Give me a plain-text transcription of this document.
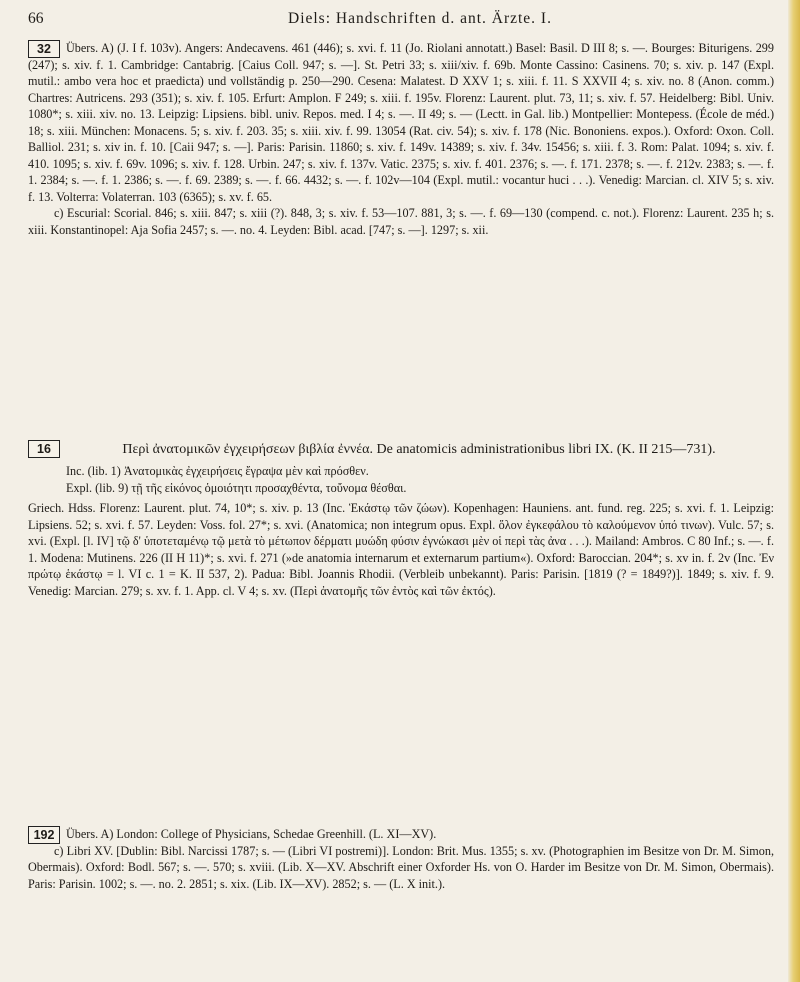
66	Diels: Handschriften d. ant. Ärzte. I.
32	Übers. A) (J. I f. 103v). Angers: Andecavens. 461 (446); s. xvi. f. 11 (Jo. Riolani annotatt.) Basel: Basil. D III 8; s. —. Bourges: Biturigens. 299 (247); s. xiv. f. 1. Cambridge: Cantabrig. [Caius Coll. 947; s. —]. St. Petri 33; s. xiii/xiv. f. 69b. Monte Cassino: Casinens. 70; s. xiv. p. 147 (Expl. mutil.: ambo vera hoc et praedicta) und vollständig p. 250—290. Cesena: Malatest. D XXV 1; s. xiii. f. 11. S XXVII 4; s. xiv. no. 8 (Anon. comm.) Chartres: Autricens. 293 (351); s. xiv. f. 105. Erfurt: Amplon. F 249; s. xiii. f. 195v. Florenz: Laurent. plut. 73, 11; s. xiv. f. 57. Heidelberg: Bibl. Univ. 1080*; s. xiii. xiv. no. 13. Leipzig: Lipsiens. bibl. univ. Repos. med. I 4; s. —. II 49; s. — (Lectt. in Gal. lib.) Montpellier: Montepess. (École de méd.) 18; s. xiii. München: Monacens. 5; s. xiv. f. 203. 35; s. xiii. xiv. f. 99. 13054 (Rat. civ. 54); s. xiv. f. 178 (Nic. Bononiens. expos.). Oxford: Oxon. Coll. Balliol. 231; s. xiv in. f. 10. [Caii 947; s. —]. Paris: Parisin. 11860; s. xiv. f. 149v. 14389; s. xiv. f. 34v. 15456; s. xiii. f. 3. Rom: Palat. 1094; s. xiv. f. 410. 1095; s. xiv. f. 69v. 1096; s. xiv. f. 128. Urbin. 247; s. xiv. f. 137v. Vatic. 2375; s. xiv. f. 401. 2376; s. —. f. 171. 2378; s. —. f. 212v. 2383; s. —. f. 1. 2384; s. —. f. 1. 2386; s. —. f. 69. 2389; s. —. f. 66. 4432; s. —. f. 102v—104 (Expl. mutil.: vocantur huci . . .). Venedig: Marcian. cl. XIV 5; s. xiv. f. 13. Volterra: Volaterran. 103 (6365); s. xv. f. 65.

c) Escurial: Scorial. 846; s. xiii. 847; s. xiii (?). 848, 3; s. xiv. f. 53—107. 881, 3; s. —. f. 69—130 (compend. c. not.). Florenz: Laurent. 235 h; s. xiii. Konstantinopel: Aja Sofia 2457; s. —. no. 4. Leyden: Bibl. acad. [747; s. —]. 1297; s. xii.

16	Περὶ ἀνατομικῶν ἐγχειρήσεων βιβλία ἐννέα. De anatomicis administrationibus libri IX. (K. II 215—731).

Inc. (lib. 1) Ἀνατομικὰς ἐγχειρήσεις ἔγραψα μὲν καὶ πρόσθεν.

Expl. (lib. 9) τῇ τῆς εἰκόνος ὁμοιότητι προσαχθέντα, τοὔνομα θέσθαι.

Griech. Hdss. Florenz: Laurent. plut. 74, 10*; s. xiv. p. 13 (Inc. Ἑκάστῳ τῶν ζώων). Kopenhagen: Hauniens. ant. fund. reg. 225; s. xvi. f. 1. Leipzig: Lipsiens. 52; s. xvi. f. 57. Leyden: Voss. fol. 27*; s. xvi. (Anatomica; non integrum opus. Expl. ὅλον ἐγκεφάλου τὸ καλούμενον ὑπό τινων). Vulc. 57; s. xvi. (Expl. [l. IV] τῷ δ' ὑποτεταμένῳ τῷ μετὰ τὸ μέτωπον δέρματι μυώδη φύσιν ἐγνώκασι μὲν οἱ περὶ τὰς ἀνα . . .). Mailand: Ambros. C 80 Inf.; s. —. f. 1. Modena: Mutinens. 226 (II H 11)*; s. xvi. f. 271 (»de anatomia internarum et externarum partium«). Oxford: Baroccian. 204*; s. xv in. f. 2v (Inc. Ἐν πρώτῳ ἑκάστῳ = l. VI c. 1 = K. II 537, 2). Padua: Bibl. Joannis Rhodii. (Verbleib unbekannt). Paris: Parisin. [1819 (? = 1849?)]. 1849; s. xiv. f. 9. Venedig: Marcian. 279; s. xv. f. 1. App. cl. V 4; s. xv. (Περὶ ἀνατομῆς τῶν ἐντὸς καὶ τῶν ἐκτός).

192 Übers. A) London: College of Physicians, Schedae Greenhill. (L. XI—XV).

c) Libri XV. [Dublin: Bibl. Narcissi 1787; s. — (Libri VI postremi)]. London: Brit. Mus. 1355; s. xv. (Photographien im Besitze von Dr. M. Simon, Obermais). Oxford: Bodl. 567; s. —. 570; s. xviii. (Lib. X—XV. Abschrift einer Oxforder Hs. von O. Harder im Besitze von Dr. M. Simon, Obermais). Paris: Parisin. 1002; s. —. no. 2. 2851; s. xix. (Lib. IX—XV). 2852; s. — (L. X init.).
